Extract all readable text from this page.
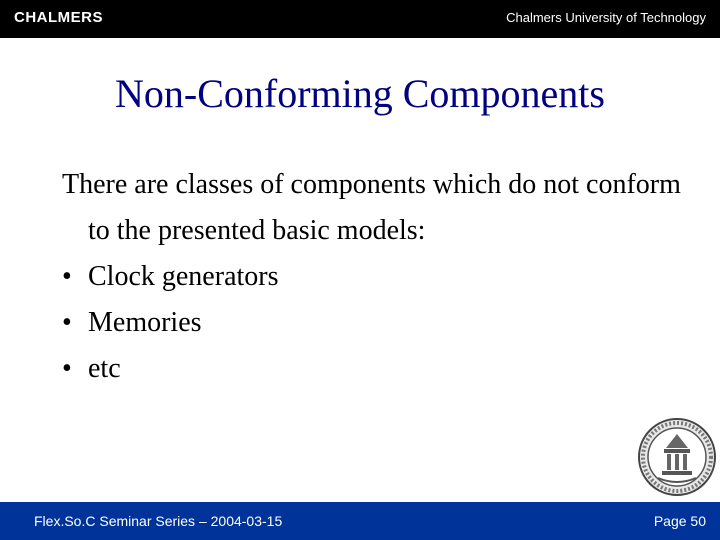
CHALMERS	Chalmers University of Technology
Non-Conforming Components
There are classes of components which do not conform to the presented basic models:
• Clock generators
• Memories
• etc
Flex.So.C Seminar Series – 2004-03-15	Page 50
